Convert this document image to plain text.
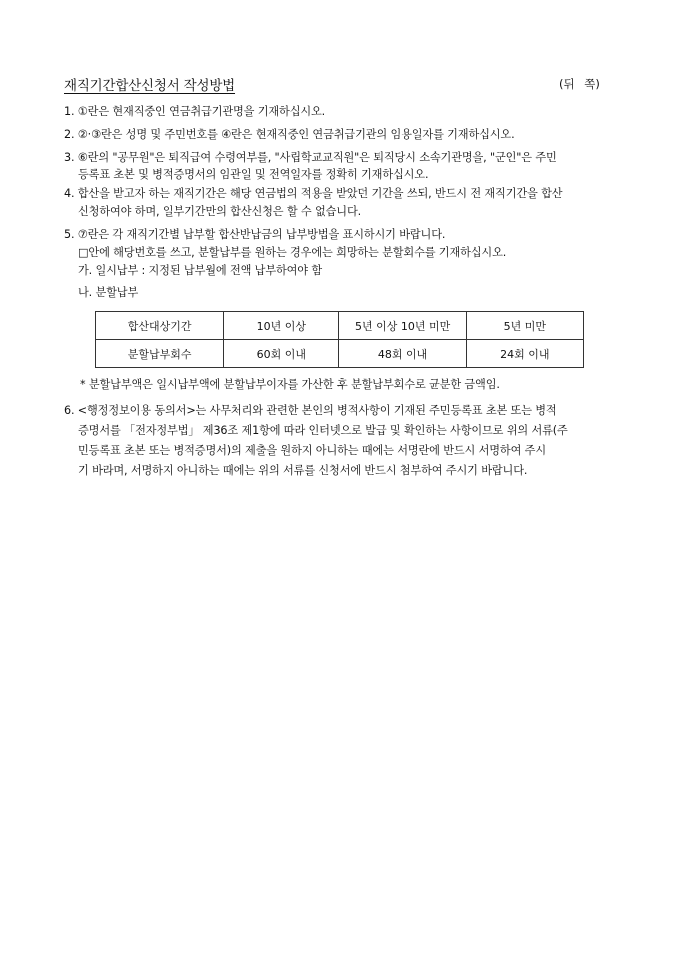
재직기간합산신청서 작성방법	(뒤 쪽)
1. ①란은 현재직중인 연금취급기관명을 기재하십시오.
2. ②·③란은 성명 및 주민번호를 ④란은 현재직중인 연금취급기관의 임용일자를 기재하십시오.
3. ⑥란의 "공무원"은 퇴직급여 수령여부를, "사립학교교직원"은 퇴직당시 소속기관명을, "군인"은 주민
등록표 초본 및 병적증명서의 임관일 및 전역일자를 정확히 기재하십시오.
4. 합산을 받고자 하는 재직기간은 해당 연금법의 적용을 받았던 기간을 쓰되, 반드시 전 재직기간을 합산
신청하여야 하며, 일부기간만의 합산신청은 할 수 없습니다.
5. ⑦란은 각 재직기간별 납부할 합산반납금의 납부방법을 표시하시기 바랍니다.
□안에 해당번호를 쓰고, 분할납부를 원하는 경우에는 희망하는 분할회수를 기재하십시오.
가. 일시납부 : 지정된 납부월에 전액 납부하여야 함
나. 분할납부
합산대상기간	10년 이상	5년 이상 10년 미만	5년 미만
분할납부회수	60회 이내	48회 이내	24회 이내
* 분할납부액은 일시납부액에 분할납부이자를 가산한 후 분할납부회수로 균분한 금액임.
6. <행정정보이용 동의서>는 사무처리와 관련한 본인의 병적사항이 기재된 주민등록표 초본 또는 병적
증명서를 「전자정부법」 제36조 제1항에 따라 인터넷으로 발급 및 확인하는 사항이므로 위의 서류(주
민등록표 초본 또는 병적증명서)의 제출을 원하지 아니하는 때에는 서명란에 반드시 서명하여 주시
기 바라며, 서명하지 아니하는 때에는 위의 서류를 신청서에 반드시 첨부하여 주시기 바랍니다.
